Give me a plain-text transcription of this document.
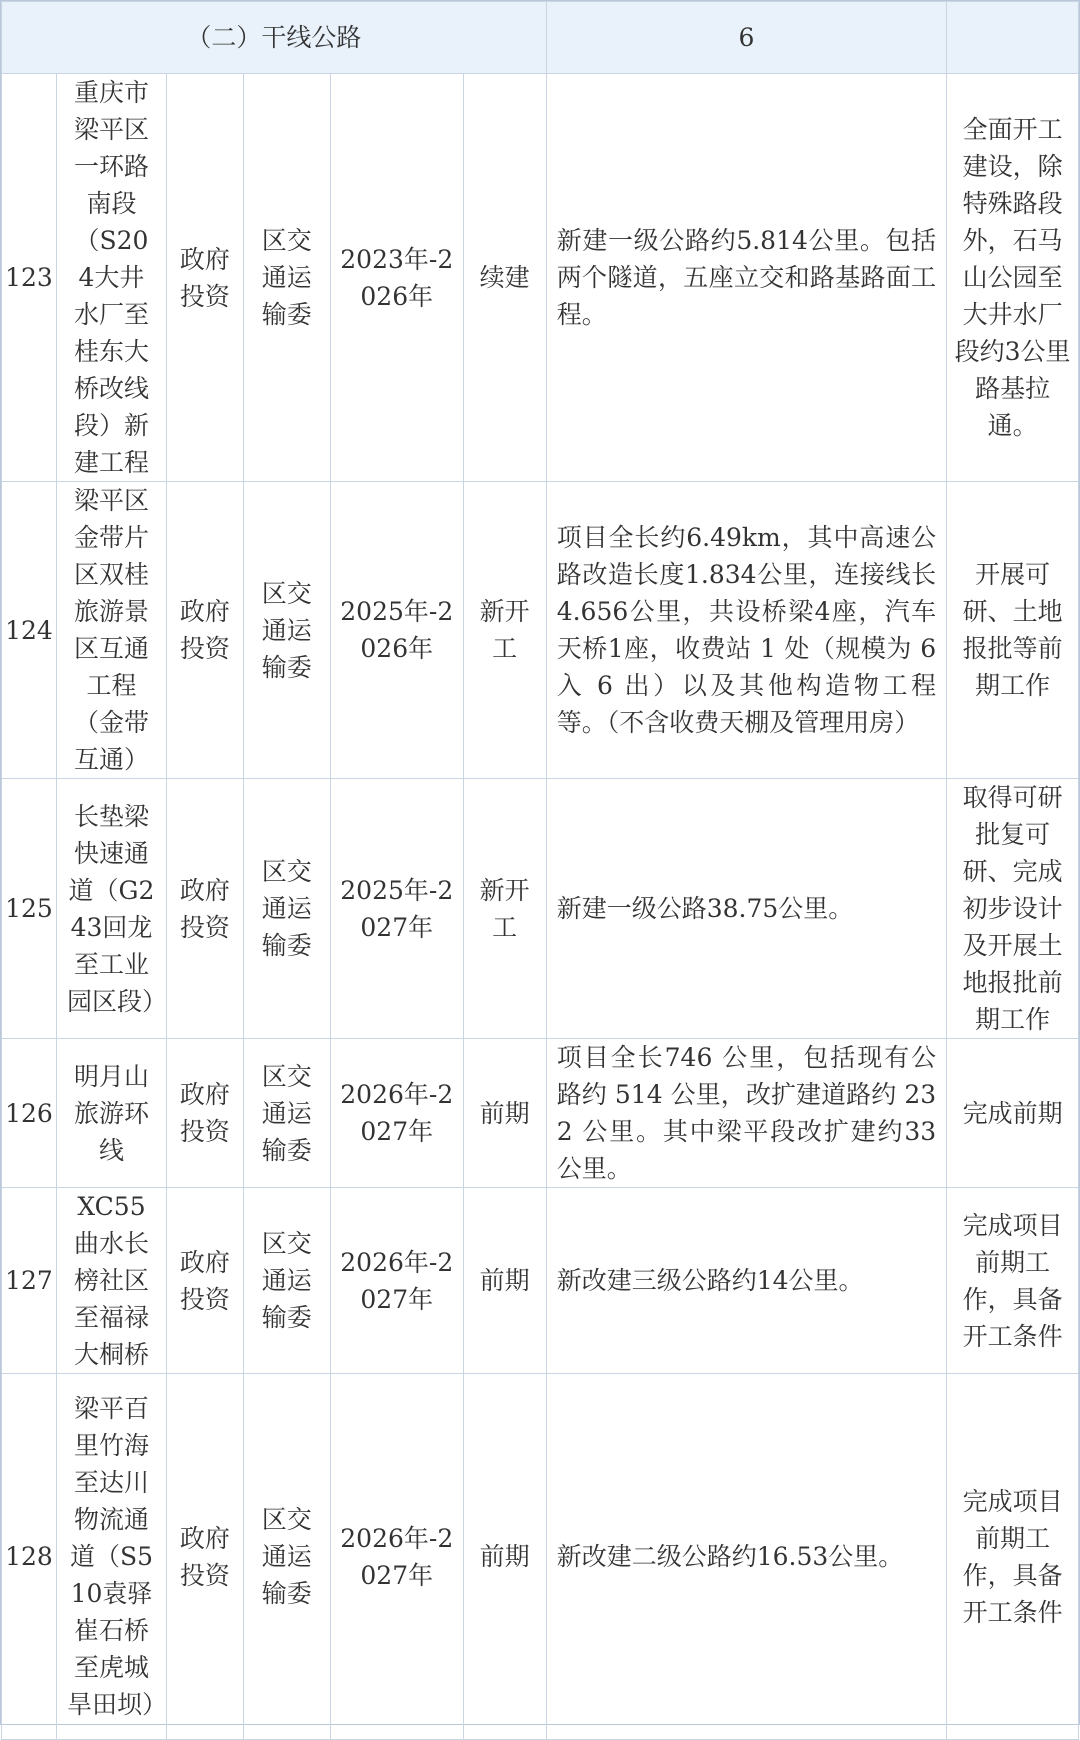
（二）干线公路						6	
123	重庆市梁平区一环路南段（S204大井水厂至桂东大桥改线段）新建工程	政府投资	区交通运输委	2023年-2026年	续建	新建一级公路约5.814公里。包括两个隧道，五座立交和路基路面工程。	全面开工建设，除特殊路段外，石马山公园至大井水厂段约3公里路基拉通。
124	梁平区金带片区双桂旅游景区互通工程（金带互通）	政府投资	区交通运输委	2025年-2026年	新开工	项目全长约6.49km，其中高速公路改造长度1.834公里，连接线长4.656公里，共设桥梁4座，汽车天桥1座，收费站 1 处（规模为 6 入 6 出）以及其他构造物工程等。（不含收费天棚及管理用房）	开展可研、土地报批等前期工作
125	长垫梁快速通道（G243回龙至工业园区段）	政府投资	区交通运输委	2025年-2027年	新开工	新建一级公路38.75公里。	取得可研批复可研、完成初步设计及开展土地报批前期工作
126	明月山旅游环线	政府投资	区交通运输委	2026年-2027年	前期	项目全长746 公里，包括现有公路约 514 公里，改扩建道路约 232 公里。其中梁平段改扩建约33公里。	完成前期
127	XC55曲水长榜社区至福禄大桐桥	政府投资	区交通运输委	2026年-2027年	前期	新改建三级公路约14公里。	完成项目前期工作，具备开工条件
128	梁平百里竹海至达川物流通道（S510袁驿崔石桥至虎城旱田坝）	政府投资	区交通运输委	2026年-2027年	前期	新改建二级公路约16.53公里。	完成项目前期工作，具备开工条件
